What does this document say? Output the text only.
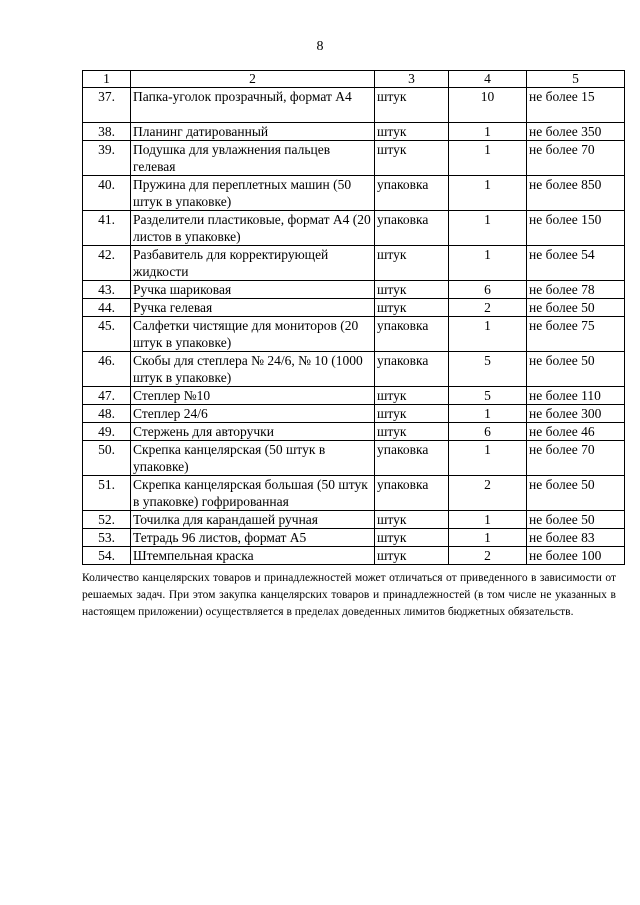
8
1	2	3	4	5
37.	Папка-уголок прозрачный, формат А4	штук	10	не более 15
38.	Планинг датированный	штук	1	не более 350
39.	Подушка для увлажнения пальцев гелевая	штук	1	не более 70
40.	Пружина для переплетных машин (50 штук в упаковке)	упаковка	1	не более 850
41.	Разделители пластиковые, формат А4 (20 листов в упаковке)	упаковка	1	не более 150
42.	Разбавитель для корректирующей жидкости	штук	1	не более 54
43.	Ручка шариковая	штук	6	не более 78
44.	Ручка гелевая	штук	2	не более 50
45.	Салфетки чистящие для мониторов (20 штук в упаковке)	упаковка	1	не более 75
46.	Скобы для степлера № 24/6, № 10 (1000 штук в упаковке)	упаковка	5	не более 50
47.	Степлер №10	штук	5	не более 110
48.	Степлер 24/6	штук	1	не более 300
49.	Стержень для авторучки	штук	6	не более 46
50.	Скрепка канцелярская (50 штук в упаковке)	упаковка	1	не более 70
51.	Скрепка канцелярская большая (50 штук в упаковке) гофрированная	упаковка	2	не более 50
52.	Точилка для карандашей ручная	штук	1	не более 50
53.	Тетрадь 96 листов, формат А5	штук	1	не более 83
54.	Штемпельная краска	штук	2	не более 100
Количество канцелярских товаров и принадлежностей может отличаться от приведенного в зависимости от решаемых задач. При этом закупка канцелярских товаров и принадлежностей (в том числе не указанных в настоящем приложении) осуществляется в пределах доведенных лимитов бюджетных обязательств.
